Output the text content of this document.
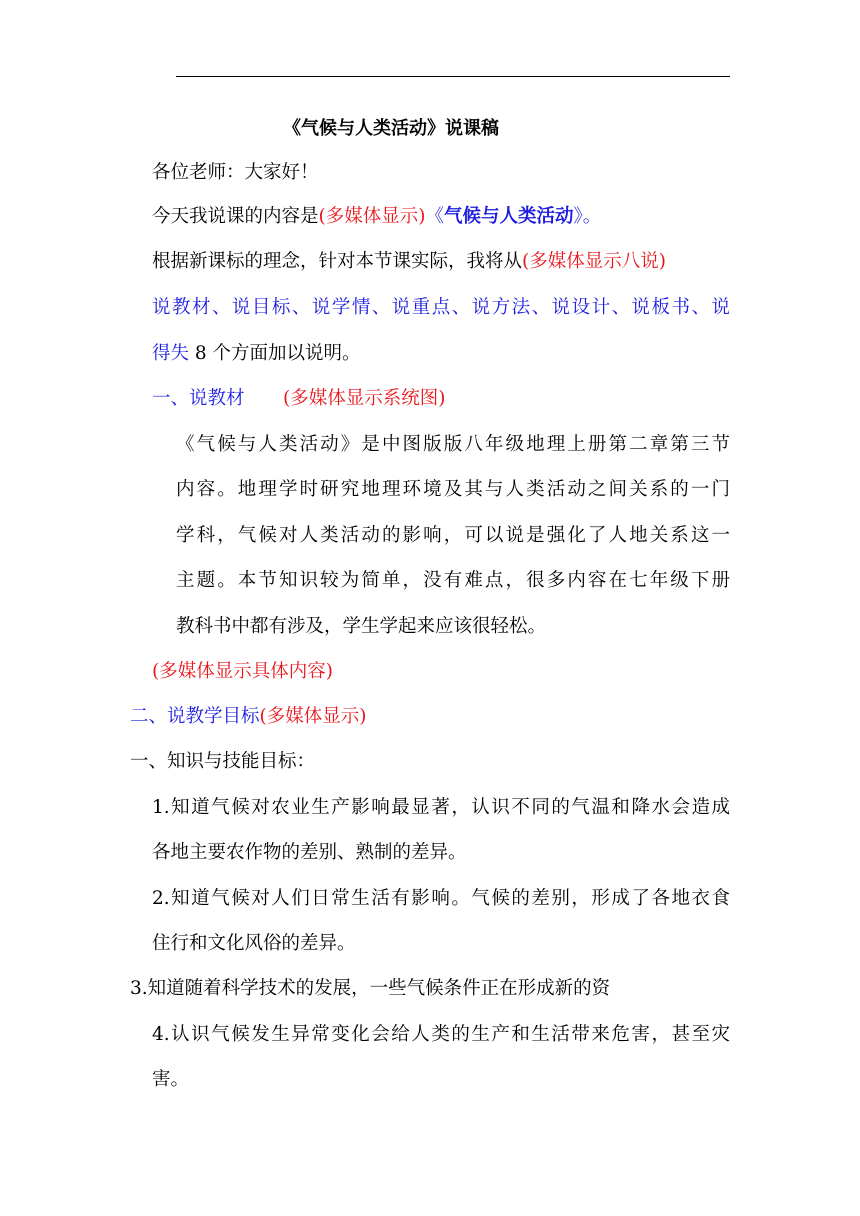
《气候与人类活动》说课稿
各位老师：大家好！
今天我说课的内容是(多媒体显示)《气候与人类活动》。
根据新课标的理念，针对本节课实际，我将从(多媒体显示八说)
说教材、说目标、说学情、说重点、说方法、说设计、说板书、说
得失 8 个方面加以说明。
一、说教材 (多媒体显示系统图)
《气候与人类活动》是中图版版八年级地理上册第二章第三节
内容。地理学时研究地理环境及其与人类活动之间关系的一门
学科，气候对人类活动的影响，可以说是强化了人地关系这一
主题。本节知识较为简单，没有难点，很多内容在七年级下册
教科书中都有涉及，学生学起来应该很轻松。
(多媒体显示具体内容)
二、说教学目标(多媒体显示)
一、知识与技能目标：
1.知道气候对农业生产影响最显著，认识不同的气温和降水会造成
各地主要农作物的差别、熟制的差异。
2.知道气候对人们日常生活有影响。气候的差别，形成了各地衣食
住行和文化风俗的差异。
3.知道随着科学技术的发展，一些气候条件正在形成新的资
4.认识气候发生异常变化会给人类的生产和生活带来危害，甚至灾
害。
